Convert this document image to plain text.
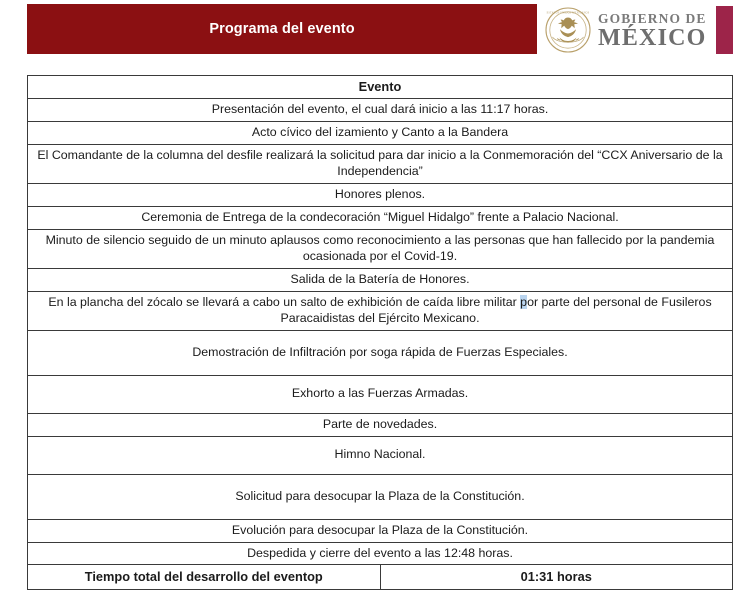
Programa del evento
ESTADOS UNIDOS MEXICANOS GOBIERNO DE
MÉXICO
Evento
Presentación del evento, el cual dará inicio a las 11:17 horas.
Acto cívico del izamiento y Canto a la Bandera
El Comandante de la columna del desfile realizará la solicitud para dar inicio a la Conmemoración del “CCX Aniversario de la Independencia”
Honores plenos.
Ceremonia de Entrega de la condecoración “Miguel Hidalgo” frente a Palacio Nacional.
Minuto de silencio seguido de un minuto aplausos como reconocimiento a las personas que han fallecido por la pandemia ocasionada por el Covid-19.
Salida de la Batería de Honores.
En la plancha del zócalo se llevará a cabo un salto de exhibición de caída libre militar por parte del personal de Fusileros Paracaidistas del Ejército Mexicano.
Demostración de Infiltración por soga rápida de Fuerzas Especiales.
Exhorto a las Fuerzas Armadas.
Parte de novedades.
Himno Nacional.
Solicitud para desocupar la Plaza de la Constitución.
Evolución para desocupar la Plaza de la Constitución.
Despedida y cierre del evento a las 12:48 horas.
Tiempo total del desarrollo del eventop	01:31 horas
